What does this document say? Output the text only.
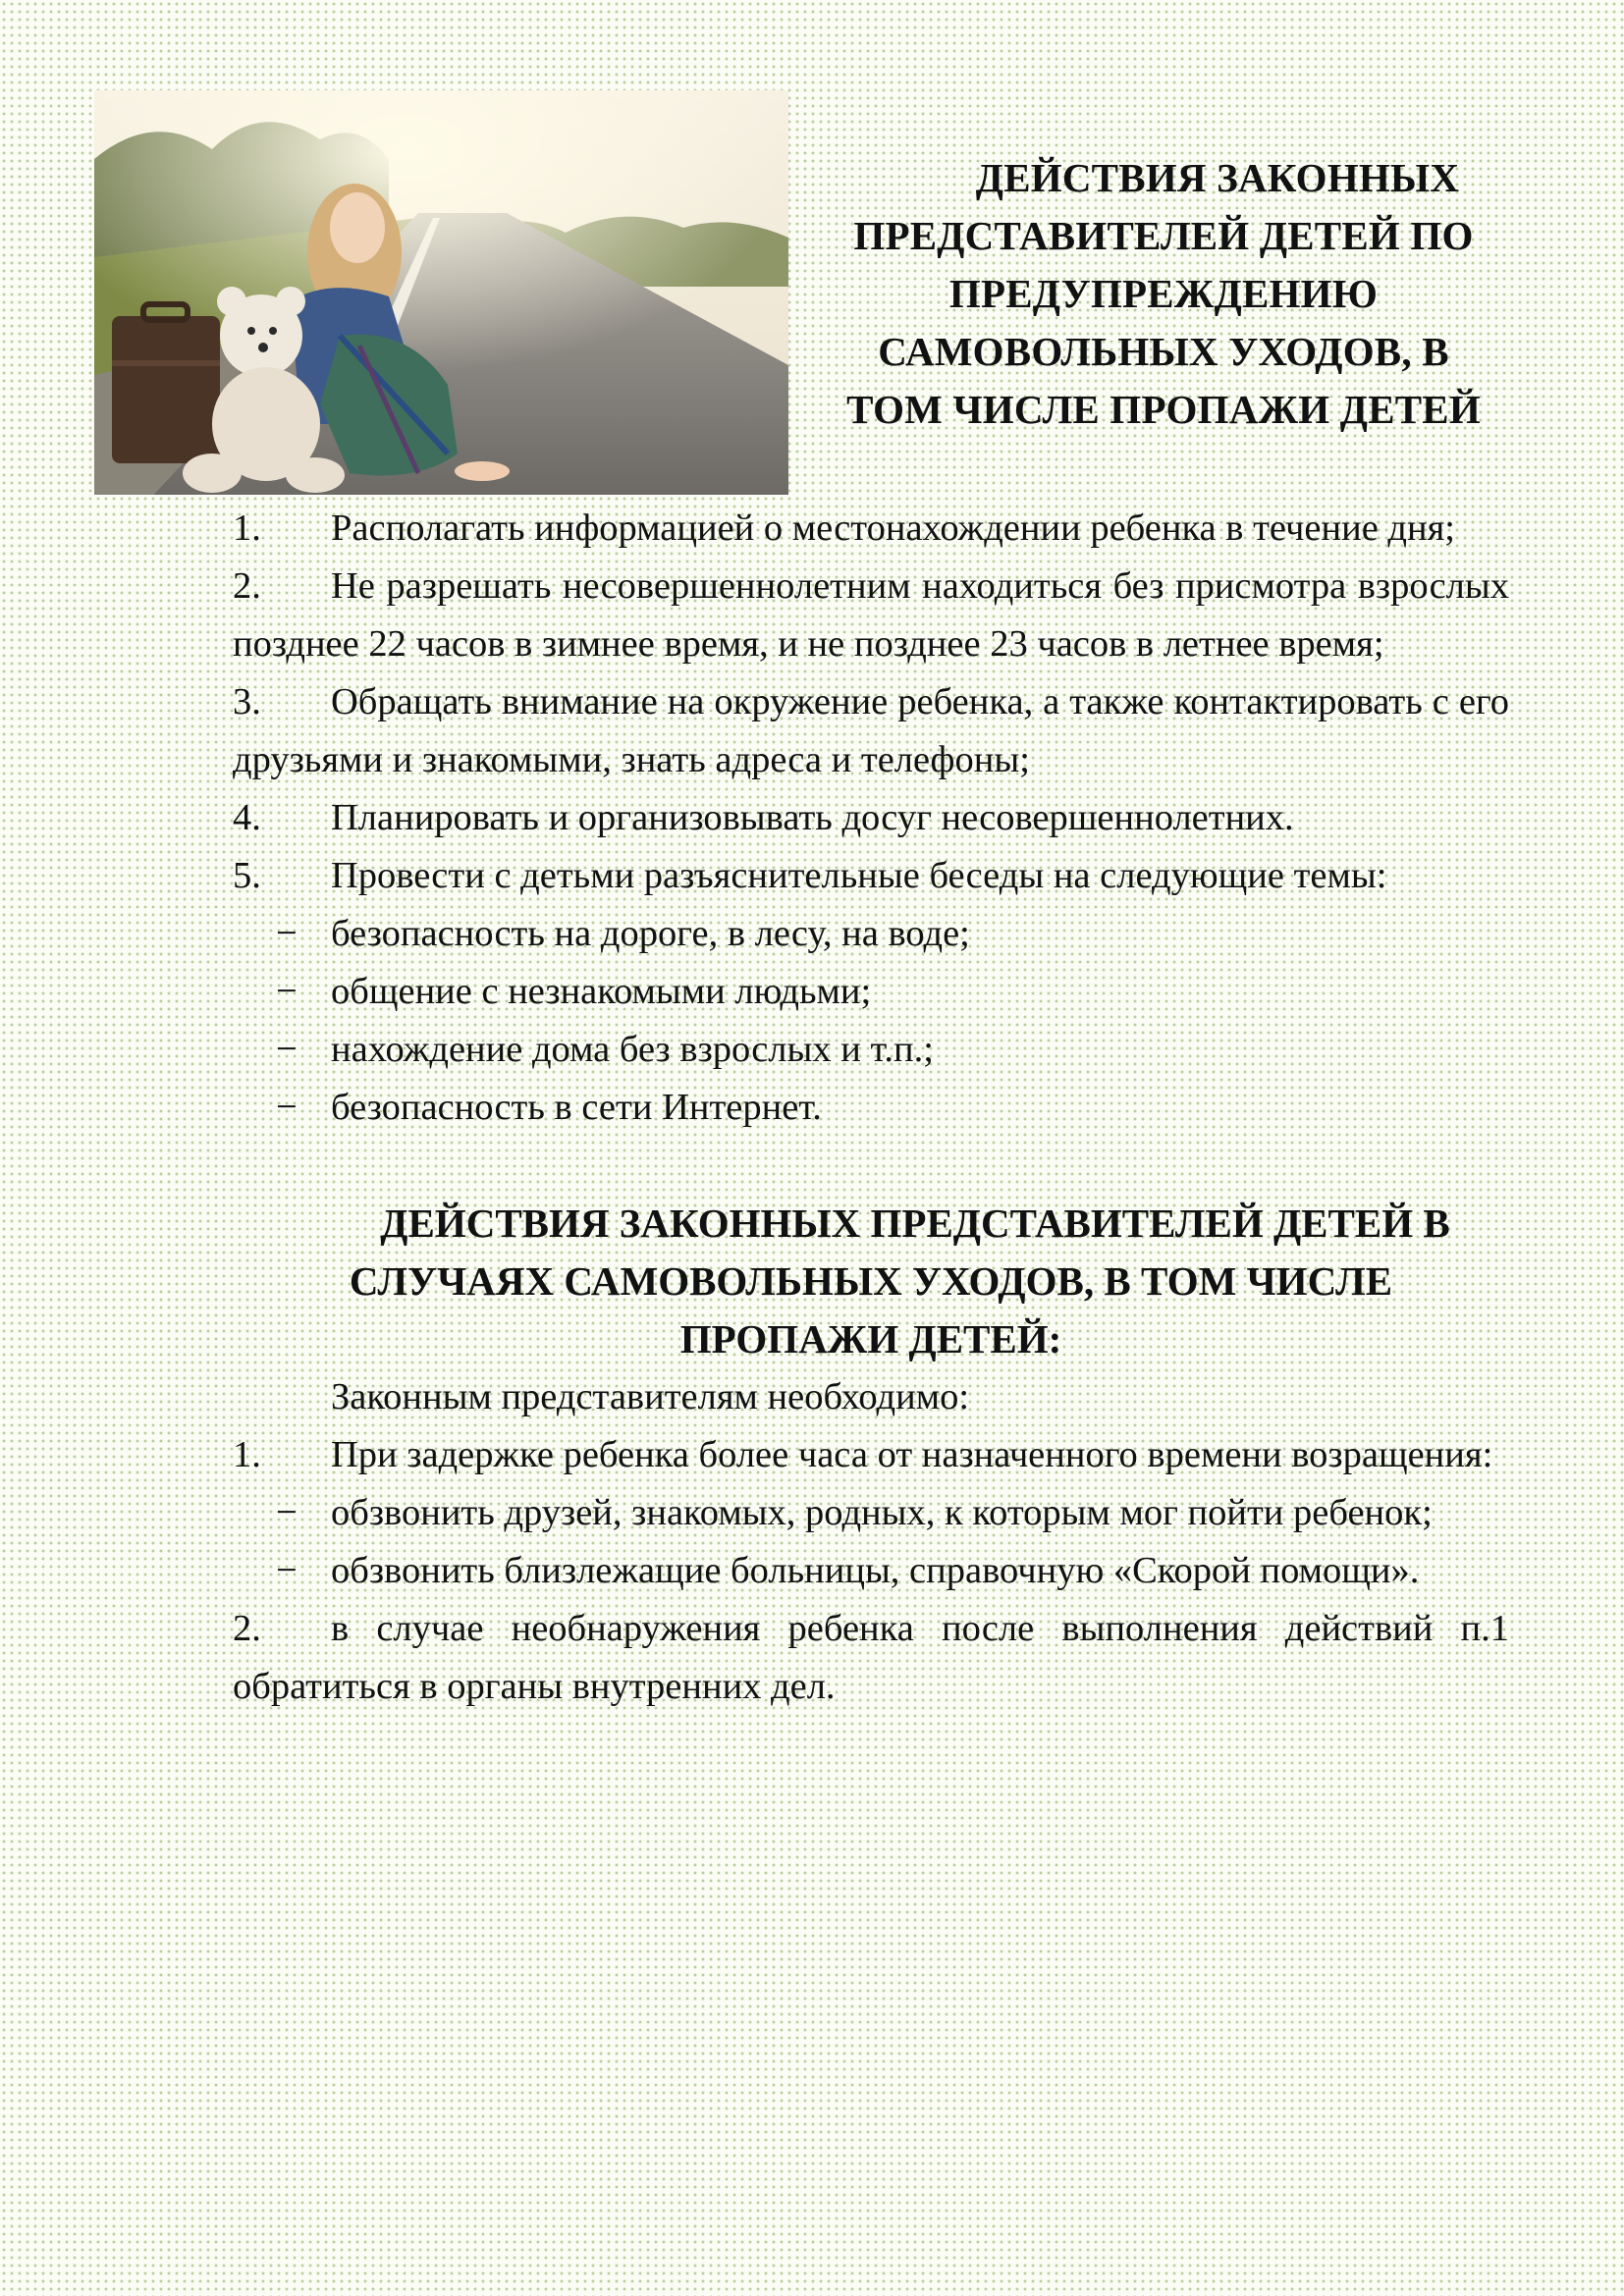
ДЕЙСТВИЯ ЗАКОННЫХ
ПРЕДСТАВИТЕЛЕЙ ДЕТЕЙ ПО
ПРЕДУПРЕЖДЕНИЮ
САМОВОЛЬНЫХ УХОДОВ, В
ТОМ ЧИСЛЕ ПРОПАЖИ ДЕТЕЙ

1. Располагать информацией о местонахождении ребенка в течение дня;

2. Не разрешать несовершеннолетним находиться без присмотра взрослых позднее 22 часов в зимнее время, и не позднее 23 часов в летнее время;

3. Обращать внимание на окружение ребенка, а также контактировать с его друзьями и знакомыми, знать адреса и телефоны;

4. Планировать и организовывать досуг несовершеннолетних.

5. Провести с детьми разъяснительные беседы на следующие темы:

− безопасность на дороге, в лесу, на воде;

− общение с незнакомыми людьми;

− нахождение дома без взрослых и т.п.;

− безопасность в сети Интернет.

ДЕЙСТВИЯ ЗАКОННЫХ ПРЕДСТАВИТЕЛЕЙ ДЕТЕЙ В
СЛУЧАЯХ САМОВОЛЬНЫХ УХОДОВ, В ТОМ ЧИСЛЕ
ПРОПАЖИ ДЕТЕЙ:

Законным представителям необходимо:

1. При задержке ребенка более часа от назначенного времени возращения:

− обзвонить друзей, знакомых, родных, к которым мог пойти ребенок;

− обзвонить близлежащие больницы, справочную «Скорой помощи».

2. в случае необнаружения ребенка после выполнения действий п.1 обратиться в органы внутренних дел.
